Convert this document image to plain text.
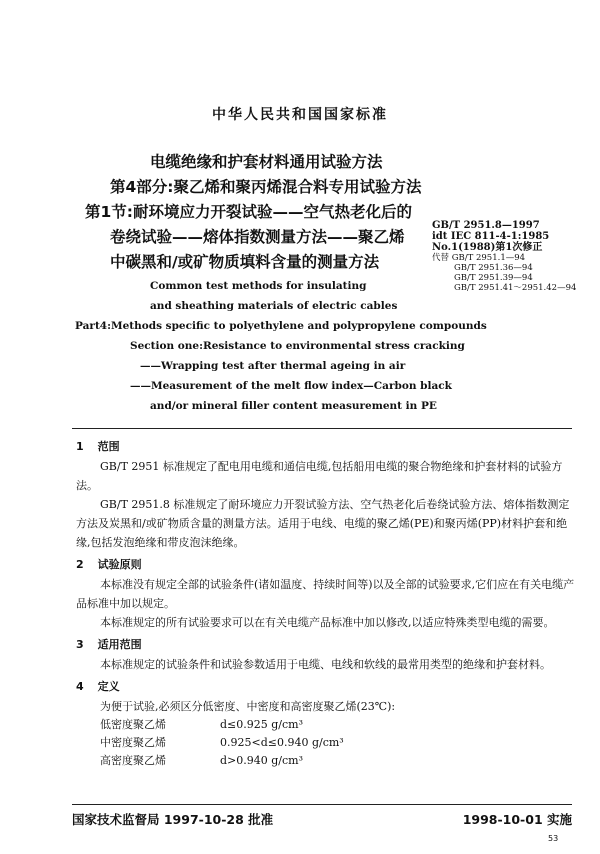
中华人民共和国国家标准
电缆绝缘和护套材料通用试验方法
第4部分:聚乙烯和聚丙烯混合料专用试验方法
第1节:耐环境应力开裂试验——空气热老化后的
卷绕试验——熔体指数测量方法——聚乙烯
中碳黑和/或矿物质填料含量的测量方法
GB/T 2951.8—1997
idt IEC 811-4-1:1985
No.1(1988)第1次修正
代替 GB/T 2951.1—94
GB/T 2951.36—94
GB/T 2951.39—94
GB/T 2951.41～2951.42—94
Common test methods for insulating
and sheathing materials of electric cables
Part4:Methods specific to polyethylene and polypropylene compounds
Section one:Resistance to environmental stress cracking
——Wrapping test after thermal ageing in air
——Measurement of the melt flow index—Carbon black
and/or mineral filler content measurement in PE
1 范围
GB/T 2951 标准规定了配电用电缆和通信电缆,包括船用电缆的聚合物绝缘和护套材料的试验方法。
GB/T 2951.8 标准规定了耐环境应力开裂试验方法、空气热老化后卷绕试验方法、熔体指数测定方法及炭黑和/或矿物质含量的测量方法。适用于电线、电缆的聚乙烯(PE)和聚丙烯(PP)材料护套和绝缘,包括发泡绝缘和带皮泡沫绝缘。
2 试验原则
本标准没有规定全部的试验条件(诸如温度、持续时间等)以及全部的试验要求,它们应在有关电缆产品标准中加以规定。
本标准规定的所有试验要求可以在有关电缆产品标准中加以修改,以适应特殊类型电缆的需要。
3 适用范围
本标准规定的试验条件和试验参数适用于电缆、电线和软线的最常用类型的绝缘和护套材料。
4 定义
为便于试验,必须区分低密度、中密度和高密度聚乙烯(23℃):
低密度聚乙烯	d≤0.925 g/cm³
中密度聚乙烯	0.925<d≤0.940 g/cm³
高密度聚乙烯	d>0.940 g/cm³
国家技术监督局 1997-10-28 批准	1998-10-01 实施
53
